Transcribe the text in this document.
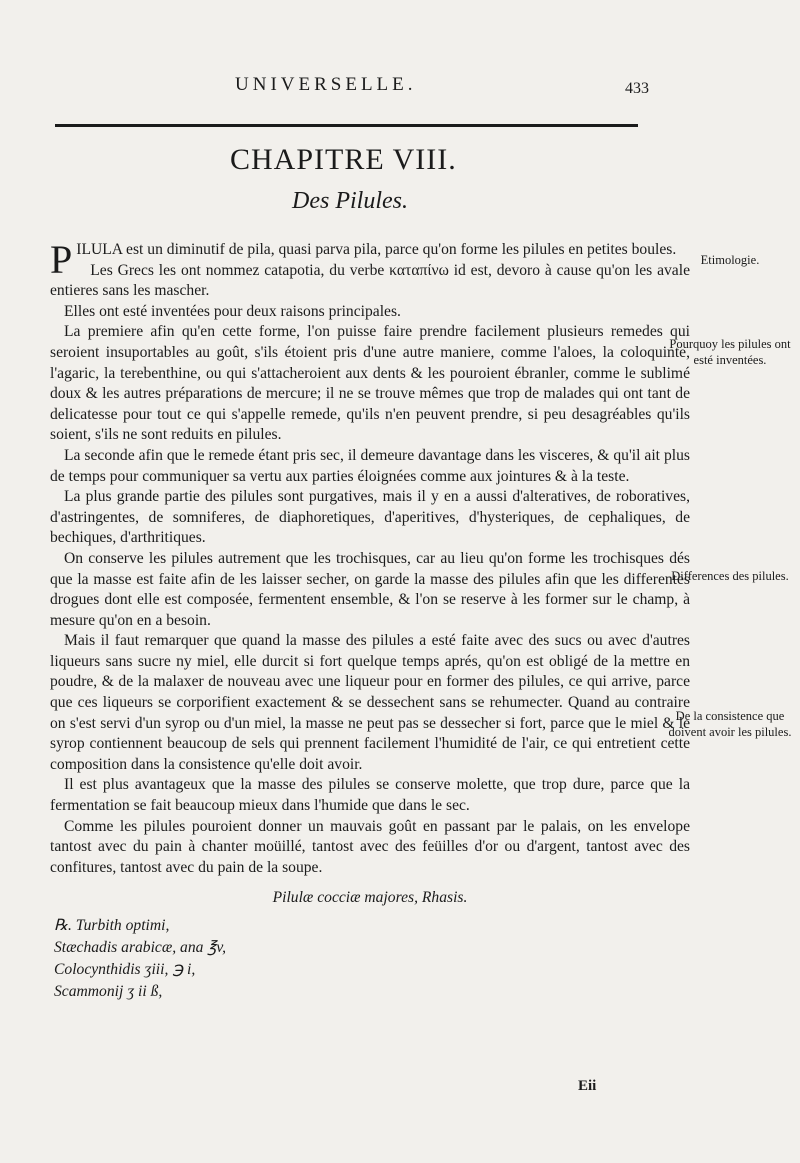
UNIVERSELLE.	433
CHAPITRE VIII.
Des Pilules.

PILULA est un diminutif de pila, quasi parva pila, parce qu'on forme les pilules en petites boules.

Les Grecs les ont nommez catapotia, du verbe καταπίνω id est, devoro à cause qu'on les avale entieres sans les mascher.

Elles ont esté inventées pour deux raisons principales.

La premiere afin qu'en cette forme, l'on puisse faire prendre facilement plusieurs remedes qui seroient insuportables au goût, s'ils étoient pris d'une autre maniere, comme l'aloes, la coloquinte, l'agaric, la terebenthine, ou qui s'attacheroient aux dents & les pouroient ébranler, comme le sublimé doux & les autres préparations de mercure; il ne se trouve mêmes que trop de malades qui ont tant de delicatesse pour tout ce qui s'appelle remede, qu'ils n'en peuvent prendre, si peu desagréables qu'ils soient, s'ils ne sont reduits en pilules.

La seconde afin que le remede étant pris sec, il demeure davantage dans les visceres, & qu'il ait plus de temps pour communiquer sa vertu aux parties éloignées comme aux jointures & à la teste.

La plus grande partie des pilules sont purgatives, mais il y en a aussi d'alteratives, de roboratives, d'astringentes, de somniferes, de diaphoretiques, d'aperitives, d'hysteriques, de cephaliques, de bechiques, d'arthritiques.

On conserve les pilules autrement que les trochisques, car au lieu qu'on forme les trochisques dés que la masse est faite afin de les laisser secher, on garde la masse des pilules afin que les differentes drogues dont elle est composée, fermentent ensemble, & l'on se reserve à les former sur le champ, à mesure qu'on en a besoin.

Mais il faut remarquer que quand la masse des pilules a esté faite avec des sucs ou avec d'autres liqueurs sans sucre ny miel, elle durcit si fort quelque temps aprés, qu'on est obligé de la mettre en poudre, & de la malaxer de nouveau avec une liqueur pour en former des pilules, ce qui arrive, parce que ces liqueurs se corporifient exactement & se dessechent sans se rehumecter. Quand au contraire on s'est servi d'un syrop ou d'un miel, la masse ne peut pas se dessecher si fort, parce que le miel & le syrop contiennent beaucoup de sels qui prennent facilement l'humidité de l'air, ce qui entretient cette composition dans la consistence qu'elle doit avoir.

Il est plus avantageux que la masse des pilules se conserve molette, que trop dure, parce que la fermentation se fait beaucoup mieux dans l'humide que dans le sec.

Comme les pilules pouroient donner un mauvais goût en passant par le palais, on les envelope tantost avec du pain à chanter moüillé, tantost avec des feüilles d'or ou d'argent, tantost avec des confitures, tantost avec du pain de la soupe.

Pilulæ cocciæ majores, Rhasis.
℞. Turbith optimi,
Stæchadis arabicæ, ana ℥v,
Colocynthidis ʒiii, ℈ i,
Scammonij ʒ ii ß,
Etimologie.
Pourquoy les pilules ont esté inventées.
Differences des pilules.
De la consistence que doivent avoir les pilules.
Eii
